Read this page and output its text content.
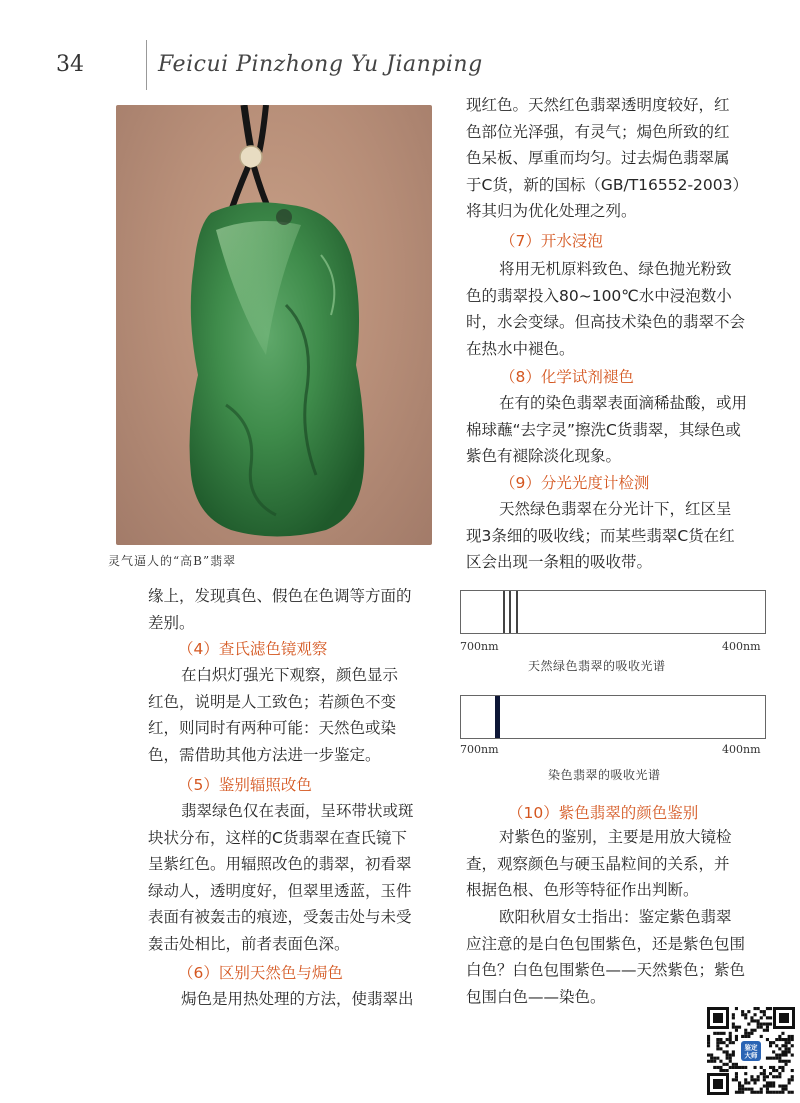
34	Feicui Pinzhong Yu Jianping
灵气逼人的“高B”翡翠
缘上，发现真色、假色在色调等方面的
差别。
（4）查氏滤色镜观察
在白炽灯强光下观察，颜色显示
红色，说明是人工致色；若颜色不变
红，则同时有两种可能：天然色或染
色，需借助其他方法进一步鉴定。
（5）鉴别辐照改色
翡翠绿色仅在表面，呈环带状或斑
块状分布，这样的C货翡翠在查氏镜下
呈紫红色。用辐照改色的翡翠，初看翠
绿动人，透明度好，但翠里透蓝，玉件
表面有被轰击的痕迹，受轰击处与未受
轰击处相比，前者表面色深。
（6）区别天然色与焗色
焗色是用热处理的方法，使翡翠出
现红色。天然红色翡翠透明度较好，红
色部位光泽强，有灵气；焗色所致的红
色呆板、厚重而均匀。过去焗色翡翠属
于C货，新的国标（GB/T16552-2003）
将其归为优化处理之列。
（7）开水浸泡
将用无机原料致色、绿色抛光粉致
色的翡翠投入80~100℃水中浸泡数小
时，水会变绿。但高技术染色的翡翠不会
在热水中褪色。
（8）化学试剂褪色
在有的染色翡翠表面滴稀盐酸，或用
棉球蘸“去字灵”擦洗C货翡翠，其绿色或
紫色有褪除淡化现象。
（9）分光光度计检测
天然绿色翡翠在分光计下，红区呈
现3条细的吸收线；而某些翡翠C货在红
区会出现一条粗的吸收带。
700nm	400nm
天然绿色翡翠的吸收光谱
700nm	400nm
染色翡翠的吸收光谱
（10）紫色翡翠的颜色鉴别
对紫色的鉴别，主要是用放大镜检
查，观察颜色与硬玉晶粒间的关系，并
根据色根、色形等特征作出判断。
欧阳秋眉女士指出：鉴定紫色翡翠
应注意的是白色包围紫色，还是紫色包围
白色？白色包围紫色——天然紫色；紫色
包围白色——染色。
鉴定
大师
